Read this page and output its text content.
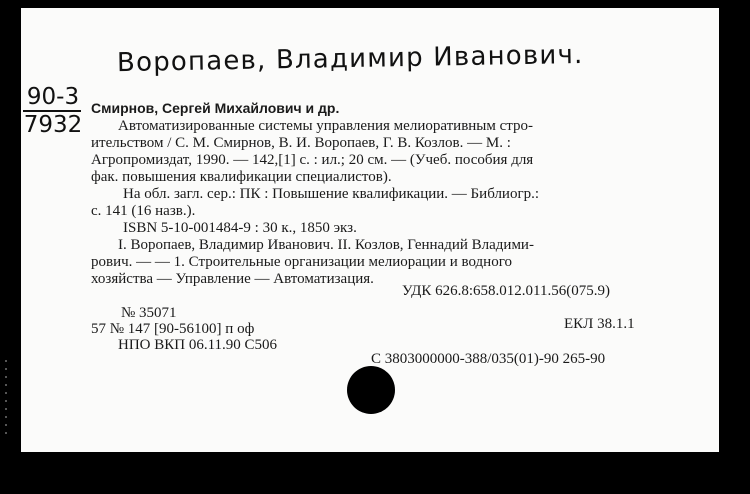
Воропаев, Владимир Иванович.
90-3
7932
Смирнов, Сергей Михайлович и др.
Автоматизированные системы управления мелиоративным стро-
ительством / С. М. Смирнов, В. И. Воропаев, Г. В. Козлов. — М. :
Агропромиздат, 1990. — 142,[1] с. : ил.; 20 см. — (Учеб. пособия для
фак. повышения квалификации специалистов).
На обл. загл. сер.: ПК : Повышение квалификации. — Библиогр.:
с. 141 (16 назв.).
ISBN 5-10-001484-9 : 30 к., 1850 экз.
I. Воропаев, Владимир Иванович. II. Козлов, Геннадий Владими-
рович. — — 1. Строительные организации мелиорации и водного
хозяйства — Управление — Автоматизация.
УДК 626.8:658.012.011.56(075.9)
№ 35071
57 № 147 [90-56100] п оф	ЕКЛ 38.1.1
НПО ВКП 06.11.90 С506
С 3803000000-388/035(01)-90 265-90
